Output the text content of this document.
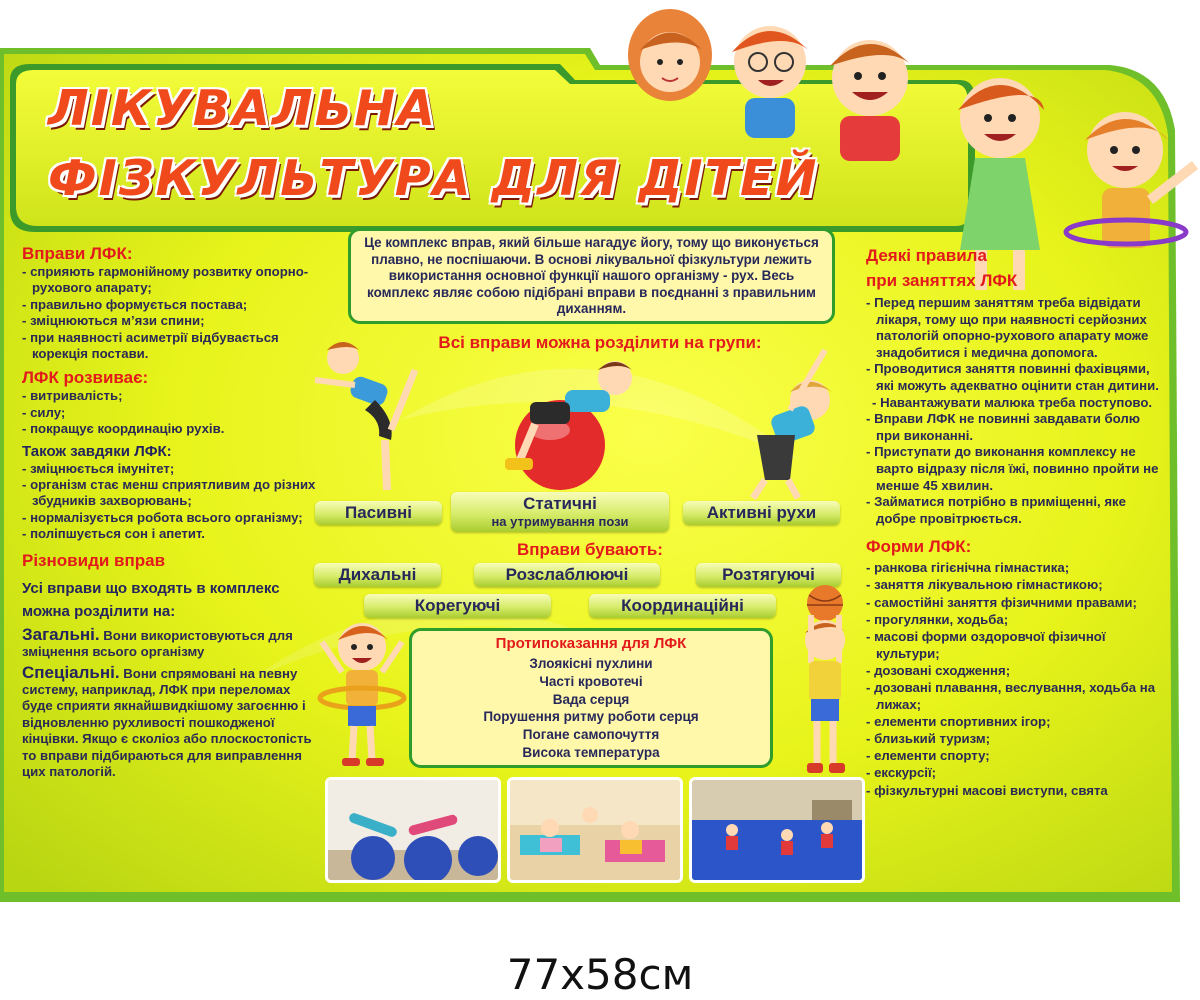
ЛІКУВАЛЬНА
ФІЗКУЛЬТУРА ДЛЯ ДІТЕЙ

Вправи ЛФК:

- сприяють гармонійному розвитку опорно-рухового апарату;
- правильно формується постава;
- зміцнюються м’язи спини;
- при наявності асиметрії відбувається корекція постави.

ЛФК розвиває:

- витривалість;
- силу;
- покращує координацію рухів.

Також завдяки ЛФК:

- зміцнюється імунітет;
- організм стає менш сприятливим до різних збудників захворювань;
- нормалізується робота всього організму;
- поліпшується сон і апетит.

Різновиди вправ

Усі вправи що входять в комплекс можна розділити на:

Загальні. Вони використовуються для зміцнення всього організму
Спеціальні. Вони спрямовані на певну систему, наприклад, ЛФК при переломах буде сприяти якнайшвидкішому загоєнню і відновленню рухливості пошкодженої кінцівки. Якщо є сколіоз або плоскостопість то вправи підбираються для виправлення цих патологій.
Це комплекс вправ, який більше нагадує йогу, тому що виконується плавно, не поспішаючи. В основі лікувальної фізкультури лежить використання основної функції нашого організму - рух. Весь комплекс являє собою підібрані вправи в поєднанні з правильним диханням.
Всі вправи можна розділити на групи:
Пасивні	Статичні
на утримування пози	Активні рухи
Вправи бувають:
Дихальні	Розслаблюючі	Розтягуючі
Корегуючі	Координаційні
Протипоказання для ЛФК
Злоякісні пухлини
Часті кровотечі
Вада серця
Порушення ритму роботи серця
Погане самопочуття
Висока температура

Деякі правила

при заняттях ЛФК

- Перед першим заняттям треба відвідати лікаря, тому що при наявності серйозних патологій опорно-рухового апарату може знадобитися і медична допомога.
- Проводитися заняття повинні фахівцями, які можуть адекватно оцінити стан дитини.
- Навантажувати малюка треба поступово.
- Вправи ЛФК не повинні завдавати болю при виконанні.
- Приступати до виконання комплексу не варто відразу після їжі, повинно пройти не менше 45 хвилин.
- Займатися потрібно в приміщенні, яке добре провітрюється.

Форми ЛФК:

- ранкова гігієнічна гімнастика;
- заняття лікувальною гімнастикою;
- самостійні заняття фізичними правами;
- прогулянки, ходьба;
- масові форми оздоровчої фізичної культури;
- дозовані сходження;
- дозовані плавання, веслування, ходьба на лижах;
- елементи спортивних ігор;
- близький туризм;
- елементи спорту;
- екскурсії;
- фізкультурні масові виступи, свята
77х58см
